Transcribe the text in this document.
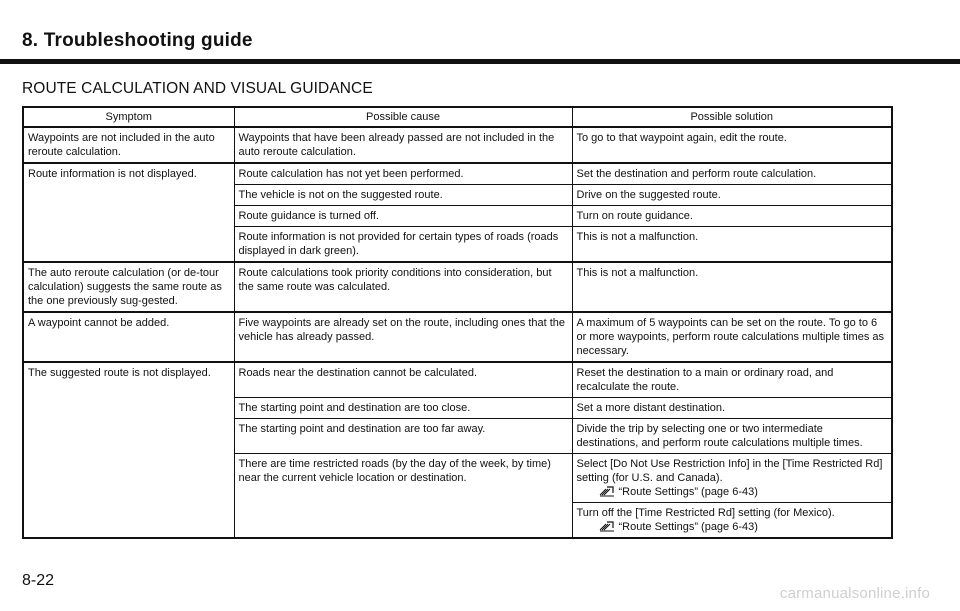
8. Troubleshooting guide
ROUTE CALCULATION AND VISUAL GUIDANCE
Symptom	Possible cause	Possible solution
Waypoints are not included in the auto reroute calculation.	Waypoints that have been already passed are not included in the auto reroute calculation.	To go to that waypoint again, edit the route.
Route information is not displayed.	Route calculation has not yet been performed.	Set the destination and perform route calculation.
	The vehicle is not on the suggested route.	Drive on the suggested route.
	Route guidance is turned off.	Turn on route guidance.
	Route information is not provided for certain types of roads (roads displayed in dark green).	This is not a malfunction.
The auto reroute calculation (or de-tour calculation) suggests the same route as the one previously sug-gested.	Route calculations took priority conditions into consideration, but the same route was calculated.	This is not a malfunction.
A waypoint cannot be added.	Five waypoints are already set on the route, including ones that the vehicle has already passed.	A maximum of 5 waypoints can be set on the route. To go to 6 or more waypoints, perform route calculations multiple times as necessary.
The suggested route is not displayed.	Roads near the destination cannot be calculated.	Reset the destination to a main or ordinary road, and recalculate the route.
	The starting point and destination are too close.	Set a more distant destination.
	The starting point and destination are too far away.	Divide the trip by selecting one or two intermediate destinations, and perform route calculations multiple times.
	There are time restricted roads (by the day of the week, by time) near the current vehicle location or destination.	Select [Do Not Use Restriction Info] in the [Time Restricted Rd] setting (for U.S. and Canada).
“Route Settings” (page 6-43)

		Turn off the [Time Restricted Rd] setting (for Mexico).
“Route Settings” (page 6-43)
8-22
carmanualsonline.info
